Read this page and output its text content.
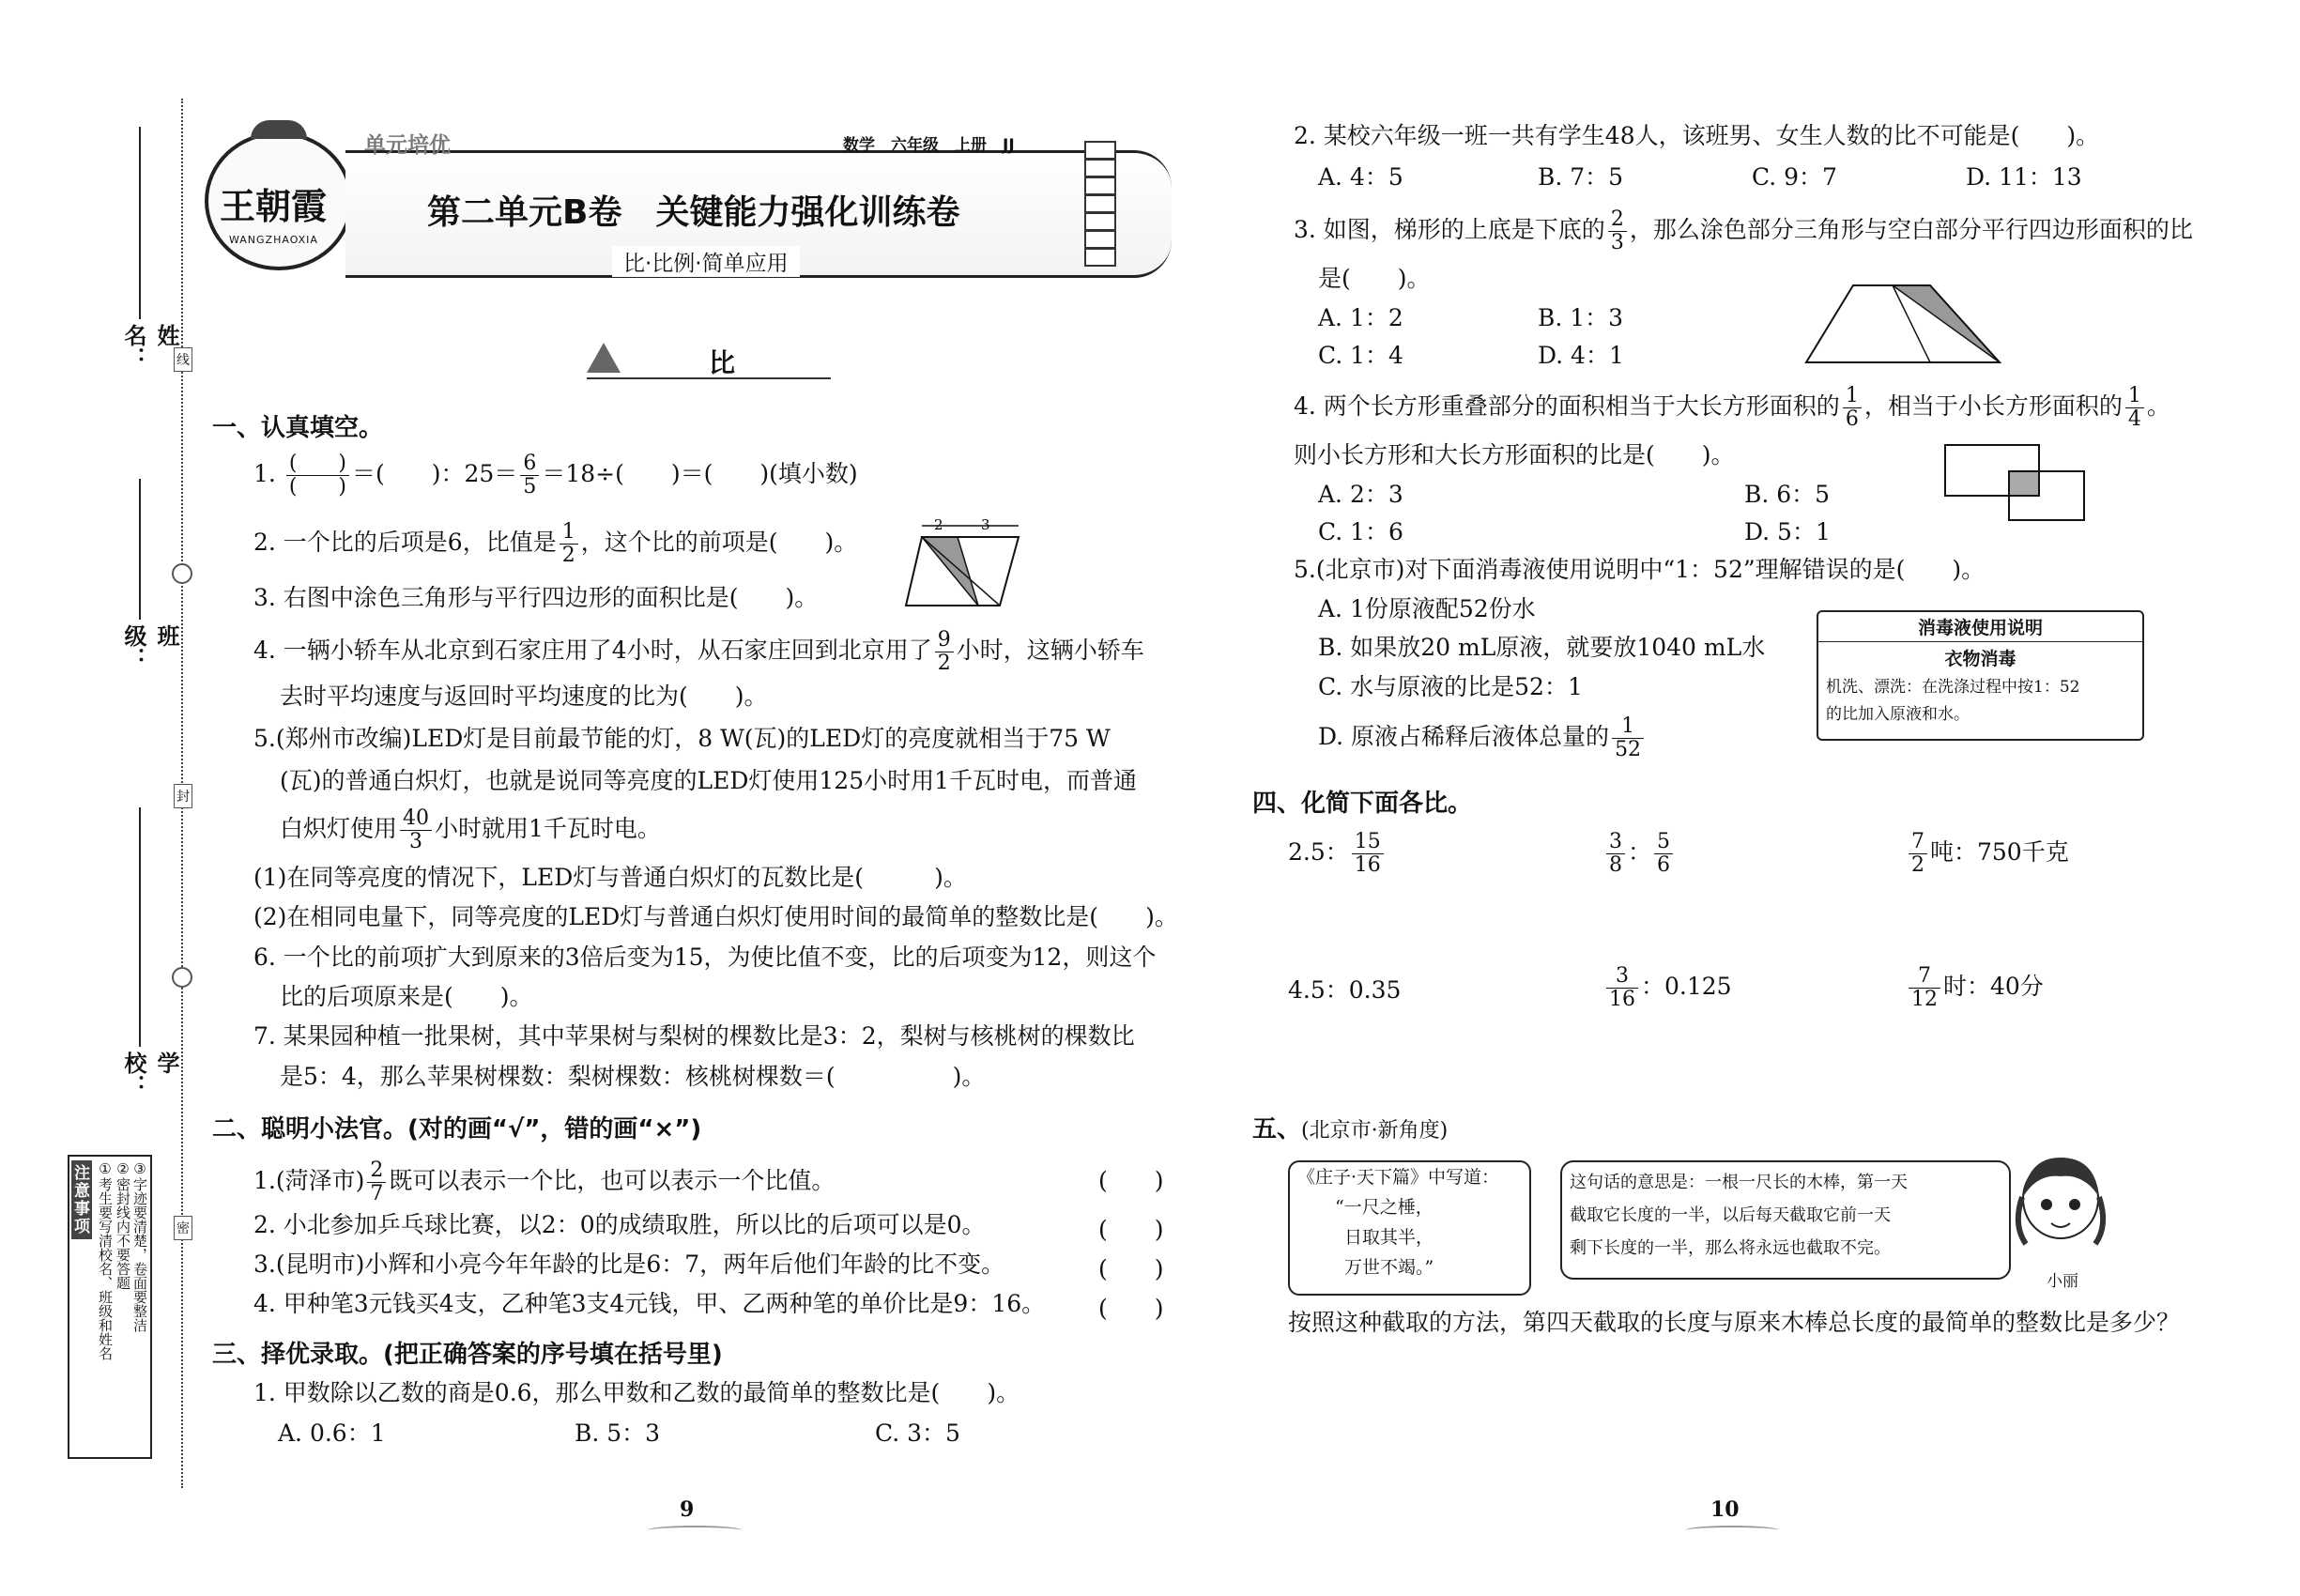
线
封
密
姓
名：
班
级：
学
校：
注意事项 ①考生要写清校名、班级和姓名 ②密封线内不要答题 ③字迹要清楚，卷面要整洁
王朝霞
WANGZHAOXIA
单元培优	数学　六年级　上册　JJ
第二单元B卷　关键能力强化训练卷
比·比例·简单应用
比
一、认真填空。
1. $\frac{( )}{( )}$ ＝(　　)：$25= \frac{6}{5} =18\div$(　　)＝(　　)(填小数)
2. 一个比的后项是6，比值是 $\frac{1}{2}$ ，这个比的前项是(　　)。
2	3
3. 右图中涂色三角形与平行四边形的面积比是(　　)。
4. 一辆小轿车从北京到石家庄用了4小时，从石家庄回到北京用了 $\frac{9}{2}$ 小时，这辆小轿车
去时平均速度与返回时平均速度的比为(　　)。
5.(郑州市改编)LED灯是目前最节能的灯，8 W(瓦)的LED灯的亮度就相当于75 W
(瓦)的普通白炽灯，也就是说同等亮度的LED灯使用125小时用1千瓦时电，而普通
白炽灯使用 $\frac{40}{3}$ 小时就用1千瓦时电。
(1)在同等亮度的情况下，LED灯与普通白炽灯的瓦数比是(　　　)。
(2)在相同电量下，同等亮度的LED灯与普通白炽灯使用时间的最简单的整数比是(　　)。
6. 一个比的前项扩大到原来的3倍后变为15，为使比值不变，比的后项变为12，则这个
比的后项原来是(　　)。
7. 某果园种植一批果树，其中苹果树与梨树的棵数比是3：2，梨树与核桃树的棵数比
是5：4，那么苹果树棵数：梨树棵数：核桃树棵数＝(　　　　　)。
二、聪明小法官。(对的画“√”，错的画“×”)
1.(菏泽市) $\frac{2}{7}$ 既可以表示一个比，也可以表示一个比值。	(　　)
2. 小北参加乒乓球比赛，以2：0的成绩取胜，所以比的后项可以是0。	(　　)
3.(昆明市)小辉和小亮今年年龄的比是6：7，两年后他们年龄的比不变。	(　　)
4. 甲种笔3元钱买4支，乙种笔3支4元钱，甲、乙两种笔的单价比是9：16。 (　　)
三、择优录取。(把正确答案的序号填在括号里)
1. 甲数除以乙数的商是0.6，那么甲数和乙数的最简单的整数比是(　　)。
A. 0.6：1	B. 5：3	C. 3：5
9
2. 某校六年级一班一共有学生48人，该班男、女生人数的比不可能是(　　)。
A. 4：5	B. 7：5	C. 9：7	D. 11：13
3. 如图，梯形的上底是下底的 $\frac{2}{3}$ ，那么涂色部分三角形与空白部分平行四边形面积的比
是(　　)。
A. 1：2	B. 1：3
C. 1：4	D. 4：1
4. 两个长方形重叠部分的面积相当于大长方形面积的 $\frac{1}{6}$ ，相当于小长方形面积的 $\frac{1}{4}$ 。
则小长方形和大长方形面积的比是(　　)。
A. 2：3	B. 6：5
C. 1：6	D. 5：1
5.(北京市)对下面消毒液使用说明中“1：52”理解错误的是(　　)。
A. 1份原液配52份水
B. 如果放20 mL原液，就要放1040 mL水
C. 水与原液的比是52：1
D. 原液占稀释后液体总量的 $\frac{1}{52}$
消毒液使用说明
衣物消毒
机洗、漂洗：在洗涤过程中按1：52
的比加入原液和水。
四、化简下面各比。
2.5： $\frac{15}{16}$	$\frac{3}{8}$ ： $\frac{5}{6}$	$\frac{7}{2}$ 吨：750千克
4.5：0.35	$\frac{3}{16}$ ：0.125	$\frac{7}{12}$ 时：40分
五、(北京市·新角度)
《庄子·天下篇》中写道：
“一尺之棰，
日取其半，
万世不竭。”
这句话的意思是：一根一尺长的木棒，第一天
截取它长度的一半，以后每天截取它前一天
剩下长度的一半，那么将永远也截取不完。
小丽
按照这种截取的方法，第四天截取的长度与原来木棒总长度的最简单的整数比是多少？
10
